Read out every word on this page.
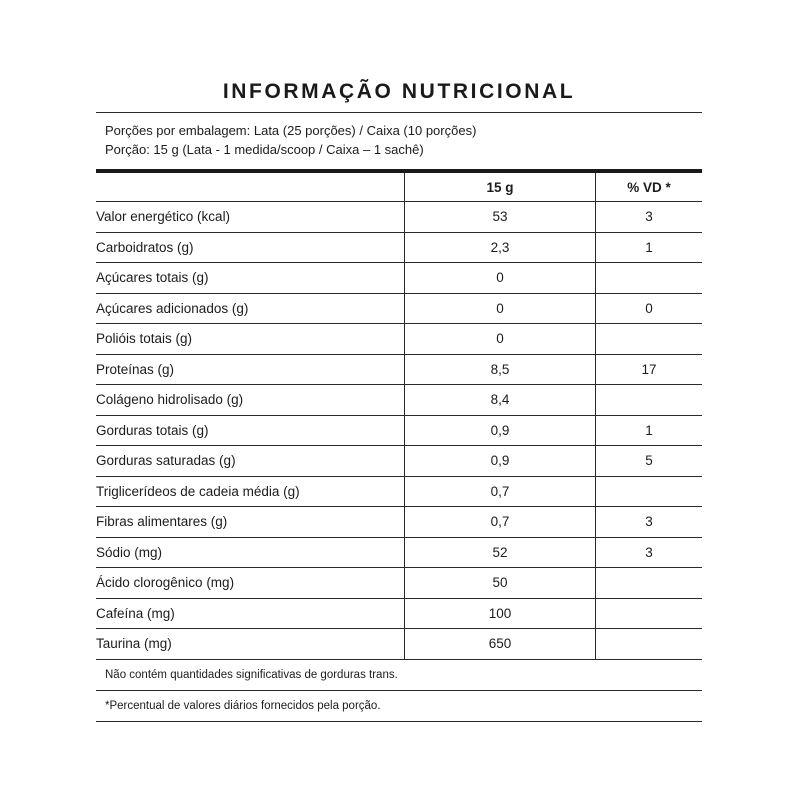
INFORMAÇÃO NUTRICIONAL
Porções por embalagem: Lata (25 porções) / Caixa (10 porções)
Porção: 15 g (Lata - 1 medida/scoop / Caixa – 1 sachê)
	15 g	% VD *
Valor energético (kcal)	53	3
Carboidratos (g)	2,3	1
Açúcares totais (g)	0	
Açúcares adicionados (g)	0	0
Polióis totais (g)	0	
Proteínas (g)	8,5	17
Colágeno hidrolisado (g)	8,4	
Gorduras totais (g)	0,9	1
Gorduras saturadas (g)	0,9	5
Triglicerídeos de cadeia média (g)	0,7	
Fibras alimentares (g)	0,7	3
Sódio (mg)	52	3
Ácido clorogênico (mg)	50	
Cafeína (mg)	100	
Taurina (mg)	650	
Não contém quantidades significativas de gorduras trans.
*Percentual de valores diários fornecidos pela porção.
